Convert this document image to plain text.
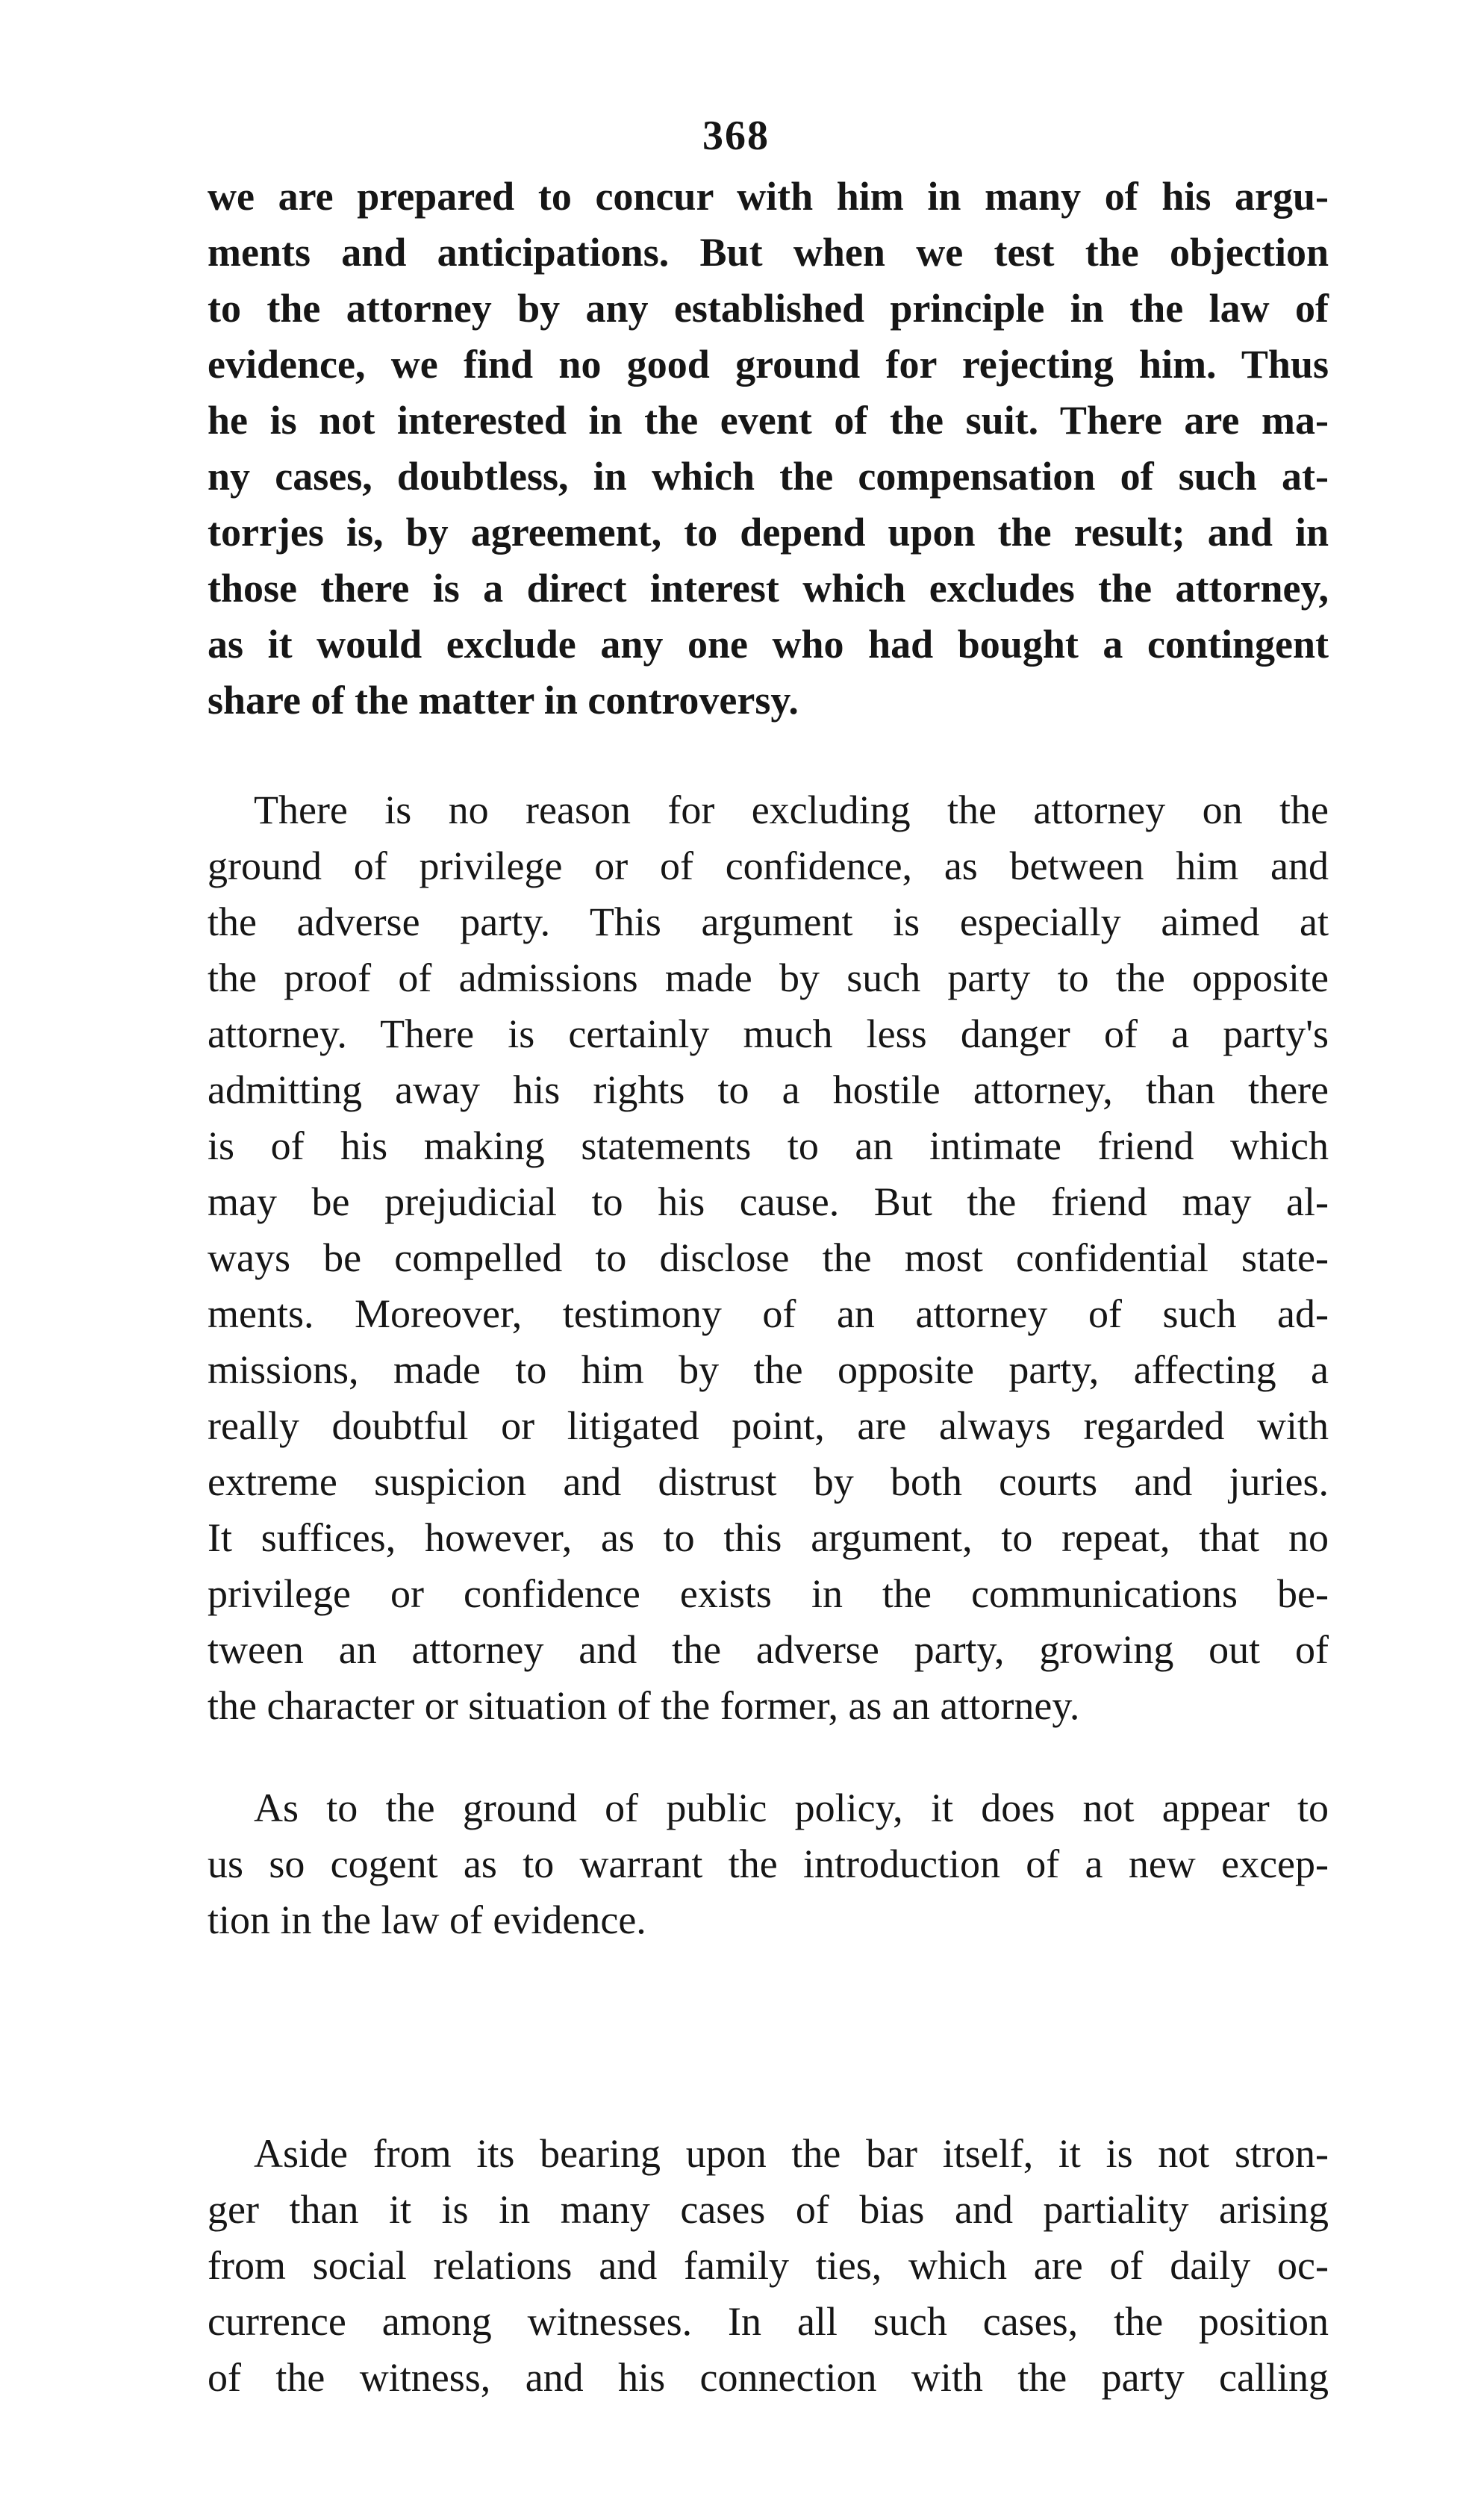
368
we are prepared to concur with him in many of his argu-
ments and anticipations. But when we test the objection
to the attorney by any established principle in the law of
evidence, we find no good ground for rejecting him. Thus
he is not interested in the event of the suit. There are ma-
ny cases, doubtless, in which the compensation of such at-
torrjes is, by agreement, to depend upon the result; and in
those there is a direct interest which excludes the attorney,
as it would exclude any one who had bought a contingent
share of the matter in controversy.
There is no reason for excluding the attorney on the
ground of privilege or of confidence, as between him and
the adverse party. This argument is especially aimed at
the proof of admissions made by such party to the opposite
attorney. There is certainly much less danger of a party's
admitting away his rights to a hostile attorney, than there
is of his making statements to an intimate friend which
may be prejudicial to his cause. But the friend may al-
ways be compelled to disclose the most confidential state-
ments. Moreover, testimony of an attorney of such ad-
missions, made to him by the opposite party, affecting a
really doubtful or litigated point, are always regarded with
extreme suspicion and distrust by both courts and juries.
It suffices, however, as to this argument, to repeat, that no
privilege or confidence exists in the communications be-
tween an attorney and the adverse party, growing out of
the character or situation of the former, as an attorney.
As to the ground of public policy, it does not appear to
us so cogent as to warrant the introduction of a new excep-
tion in the law of evidence.
Aside from its bearing upon the bar itself, it is not stron-
ger than it is in many cases of bias and partiality arising
from social relations and family ties, which are of daily oc-
currence among witnesses. In all such cases, the position
of the witness, and his connection with the party calling
